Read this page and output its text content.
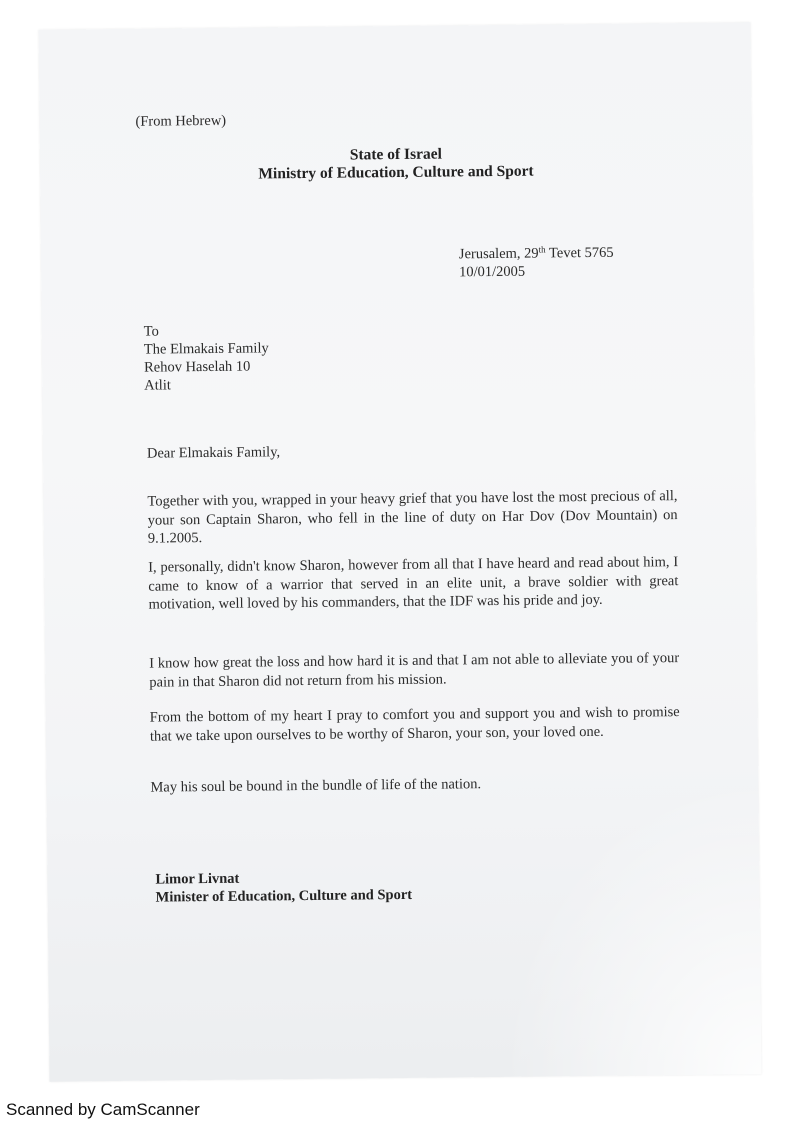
(From Hebrew)
State of Israel
Ministry of Education, Culture and Sport
Jerusalem, 29th Tevet 5765
10/01/2005
To
The Elmakais Family
Rehov Haselah 10
Atlit
Dear Elmakais Family,
Together with you, wrapped in your heavy grief that you have lost the most precious of all, your son Captain Sharon, who fell in the line of duty on Har Dov (Dov Mountain) on 9.1.2005.
I, personally, didn't know Sharon, however from all that I have heard and read about him, I came to know of a warrior that served in an elite unit, a brave soldier with great motivation, well loved by his commanders, that the IDF was his pride and joy.
I know how great the loss and how hard it is and that I am not able to alleviate you of your pain in that Sharon did not return from his mission.
From the bottom of my heart I pray to comfort you and support you and wish to promise that we take upon ourselves to be worthy of Sharon, your son, your loved one.
May his soul be bound in the bundle of life of the nation.
Limor Livnat
Minister of Education, Culture and Sport
Scanned by CamScanner
